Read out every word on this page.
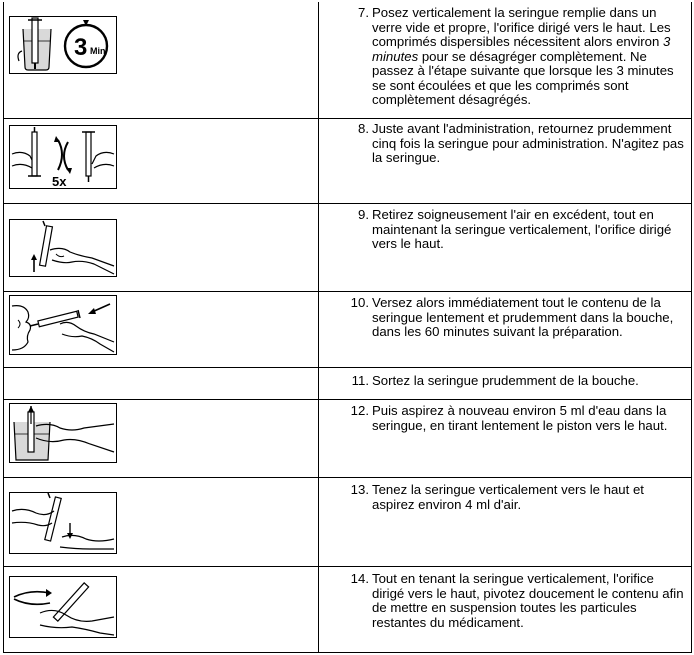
3 Min
7. Posez verticalement la seringue remplie dans un verre vide et propre, l'orifice dirigé vers le haut. Les comprimés dispersibles nécessitent alors environ 3 minutes pour se désagréger complètement. Ne passez à l'étape suivante que lorsque les 3 minutes se sont écoulées et que les comprimés sont complètement désagrégés.
5x
8. Juste avant l'administration, retournez prudemment cinq fois la seringue pour administration. N'agitez pas la seringue.
9. Retirez soigneusement l'air en excédent, tout en maintenant la seringue verticalement, l'orifice dirigé vers le haut.
10. Versez alors immédiatement tout le contenu de la seringue lentement et prudemment dans la bouche, dans les 60 minutes suivant la préparation.
11. Sortez la seringue prudemment de la bouche.
12. Puis aspirez à nouveau environ 5 ml d'eau dans la seringue, en tirant lentement le piston vers le haut.
13. Tenez la seringue verticalement vers le haut et aspirez environ 4 ml d'air.
14. Tout en tenant la seringue verticalement, l'orifice dirigé vers le haut, pivotez doucement le contenu afin de mettre en suspension toutes les particules restantes du médicament.
